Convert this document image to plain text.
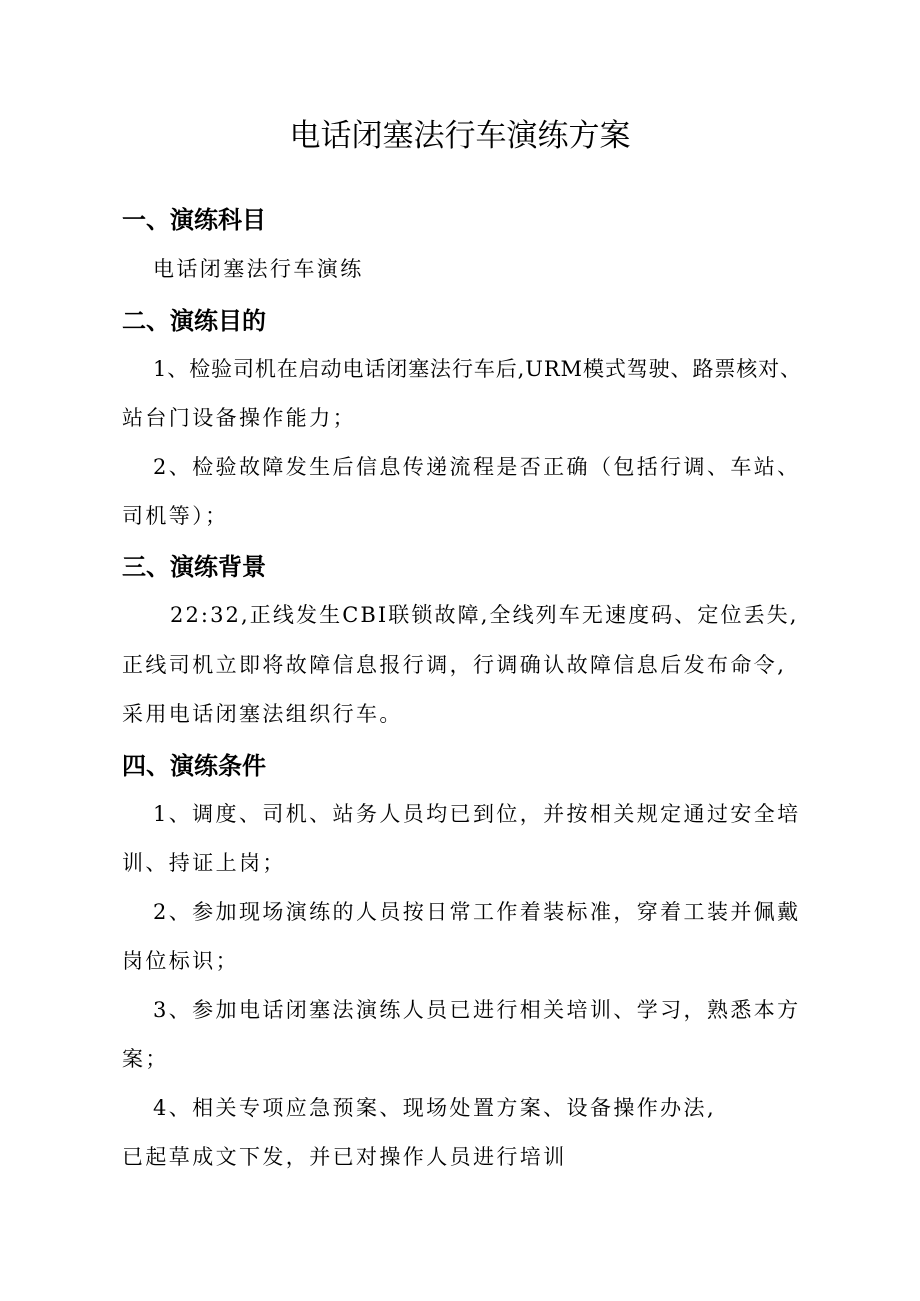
电话闭塞法行车演练方案
一、演练科目
电话闭塞法行车演练
二、演练目的
1、检验司机在启动电话闭塞法行车后,URM模式驾驶、路票核对、
站台门设备操作能力；
2、检验故障发生后信息传递流程是否正确（包括行调、车站、
司机等）；
三、演练背景
22:32,正线发生CBI联锁故障,全线列车无速度码、定位丢失,
正线司机立即将故障信息报行调，行调确认故障信息后发布命令,
采用电话闭塞法组织行车。
四、演练条件
1、调度、司机、站务人员均已到位，并按相关规定通过安全培
训、持证上岗；
2、参加现场演练的人员按日常工作着装标准，穿着工装并佩戴
岗位标识；
3、参加电话闭塞法演练人员已进行相关培训、学习，熟悉本方
案；
4、相关专项应急预案、现场处置方案、设备操作办法,
已起草成文下发，并已对操作人员进行培训
